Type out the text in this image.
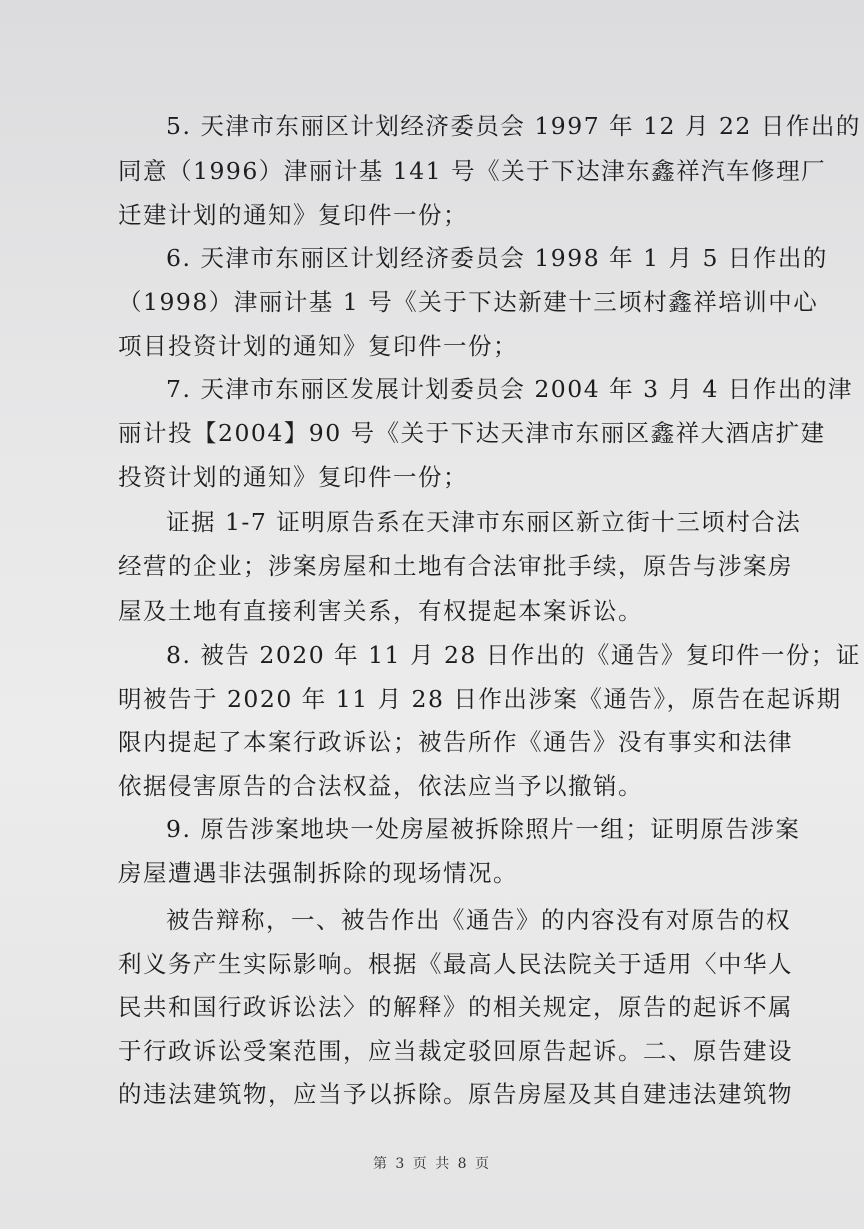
5. 天津市东丽区计划经济委员会 1997 年 12 月 22 日作出的
同意（1996）津丽计基 141 号《关于下达津东鑫祥汽车修理厂
迁建计划的通知》复印件一份；
6. 天津市东丽区计划经济委员会 1998 年 1 月 5 日作出的
（1998）津丽计基 1 号《关于下达新建十三顷村鑫祥培训中心
项目投资计划的通知》复印件一份；
7. 天津市东丽区发展计划委员会 2004 年 3 月 4 日作出的津
丽计投【2004】90 号《关于下达天津市东丽区鑫祥大酒店扩建
投资计划的通知》复印件一份；
证据 1-7 证明原告系在天津市东丽区新立街十三顷村合法
经营的企业；涉案房屋和土地有合法审批手续，原告与涉案房
屋及土地有直接利害关系，有权提起本案诉讼。
8. 被告 2020 年 11 月 28 日作出的《通告》复印件一份；证
明被告于 2020 年 11 月 28 日作出涉案《通告》，原告在起诉期
限内提起了本案行政诉讼；被告所作《通告》没有事实和法律
依据侵害原告的合法权益，依法应当予以撤销。
9. 原告涉案地块一处房屋被拆除照片一组；证明原告涉案
房屋遭遇非法强制拆除的现场情况。
被告辩称，一、被告作出《通告》的内容没有对原告的权
利义务产生实际影响。根据《最高人民法院关于适用〈中华人
民共和国行政诉讼法〉的解释》的相关规定，原告的起诉不属
于行政诉讼受案范围，应当裁定驳回原告起诉。二、原告建设
的违法建筑物，应当予以拆除。原告房屋及其自建违法建筑物
第 3 页 共 8 页
